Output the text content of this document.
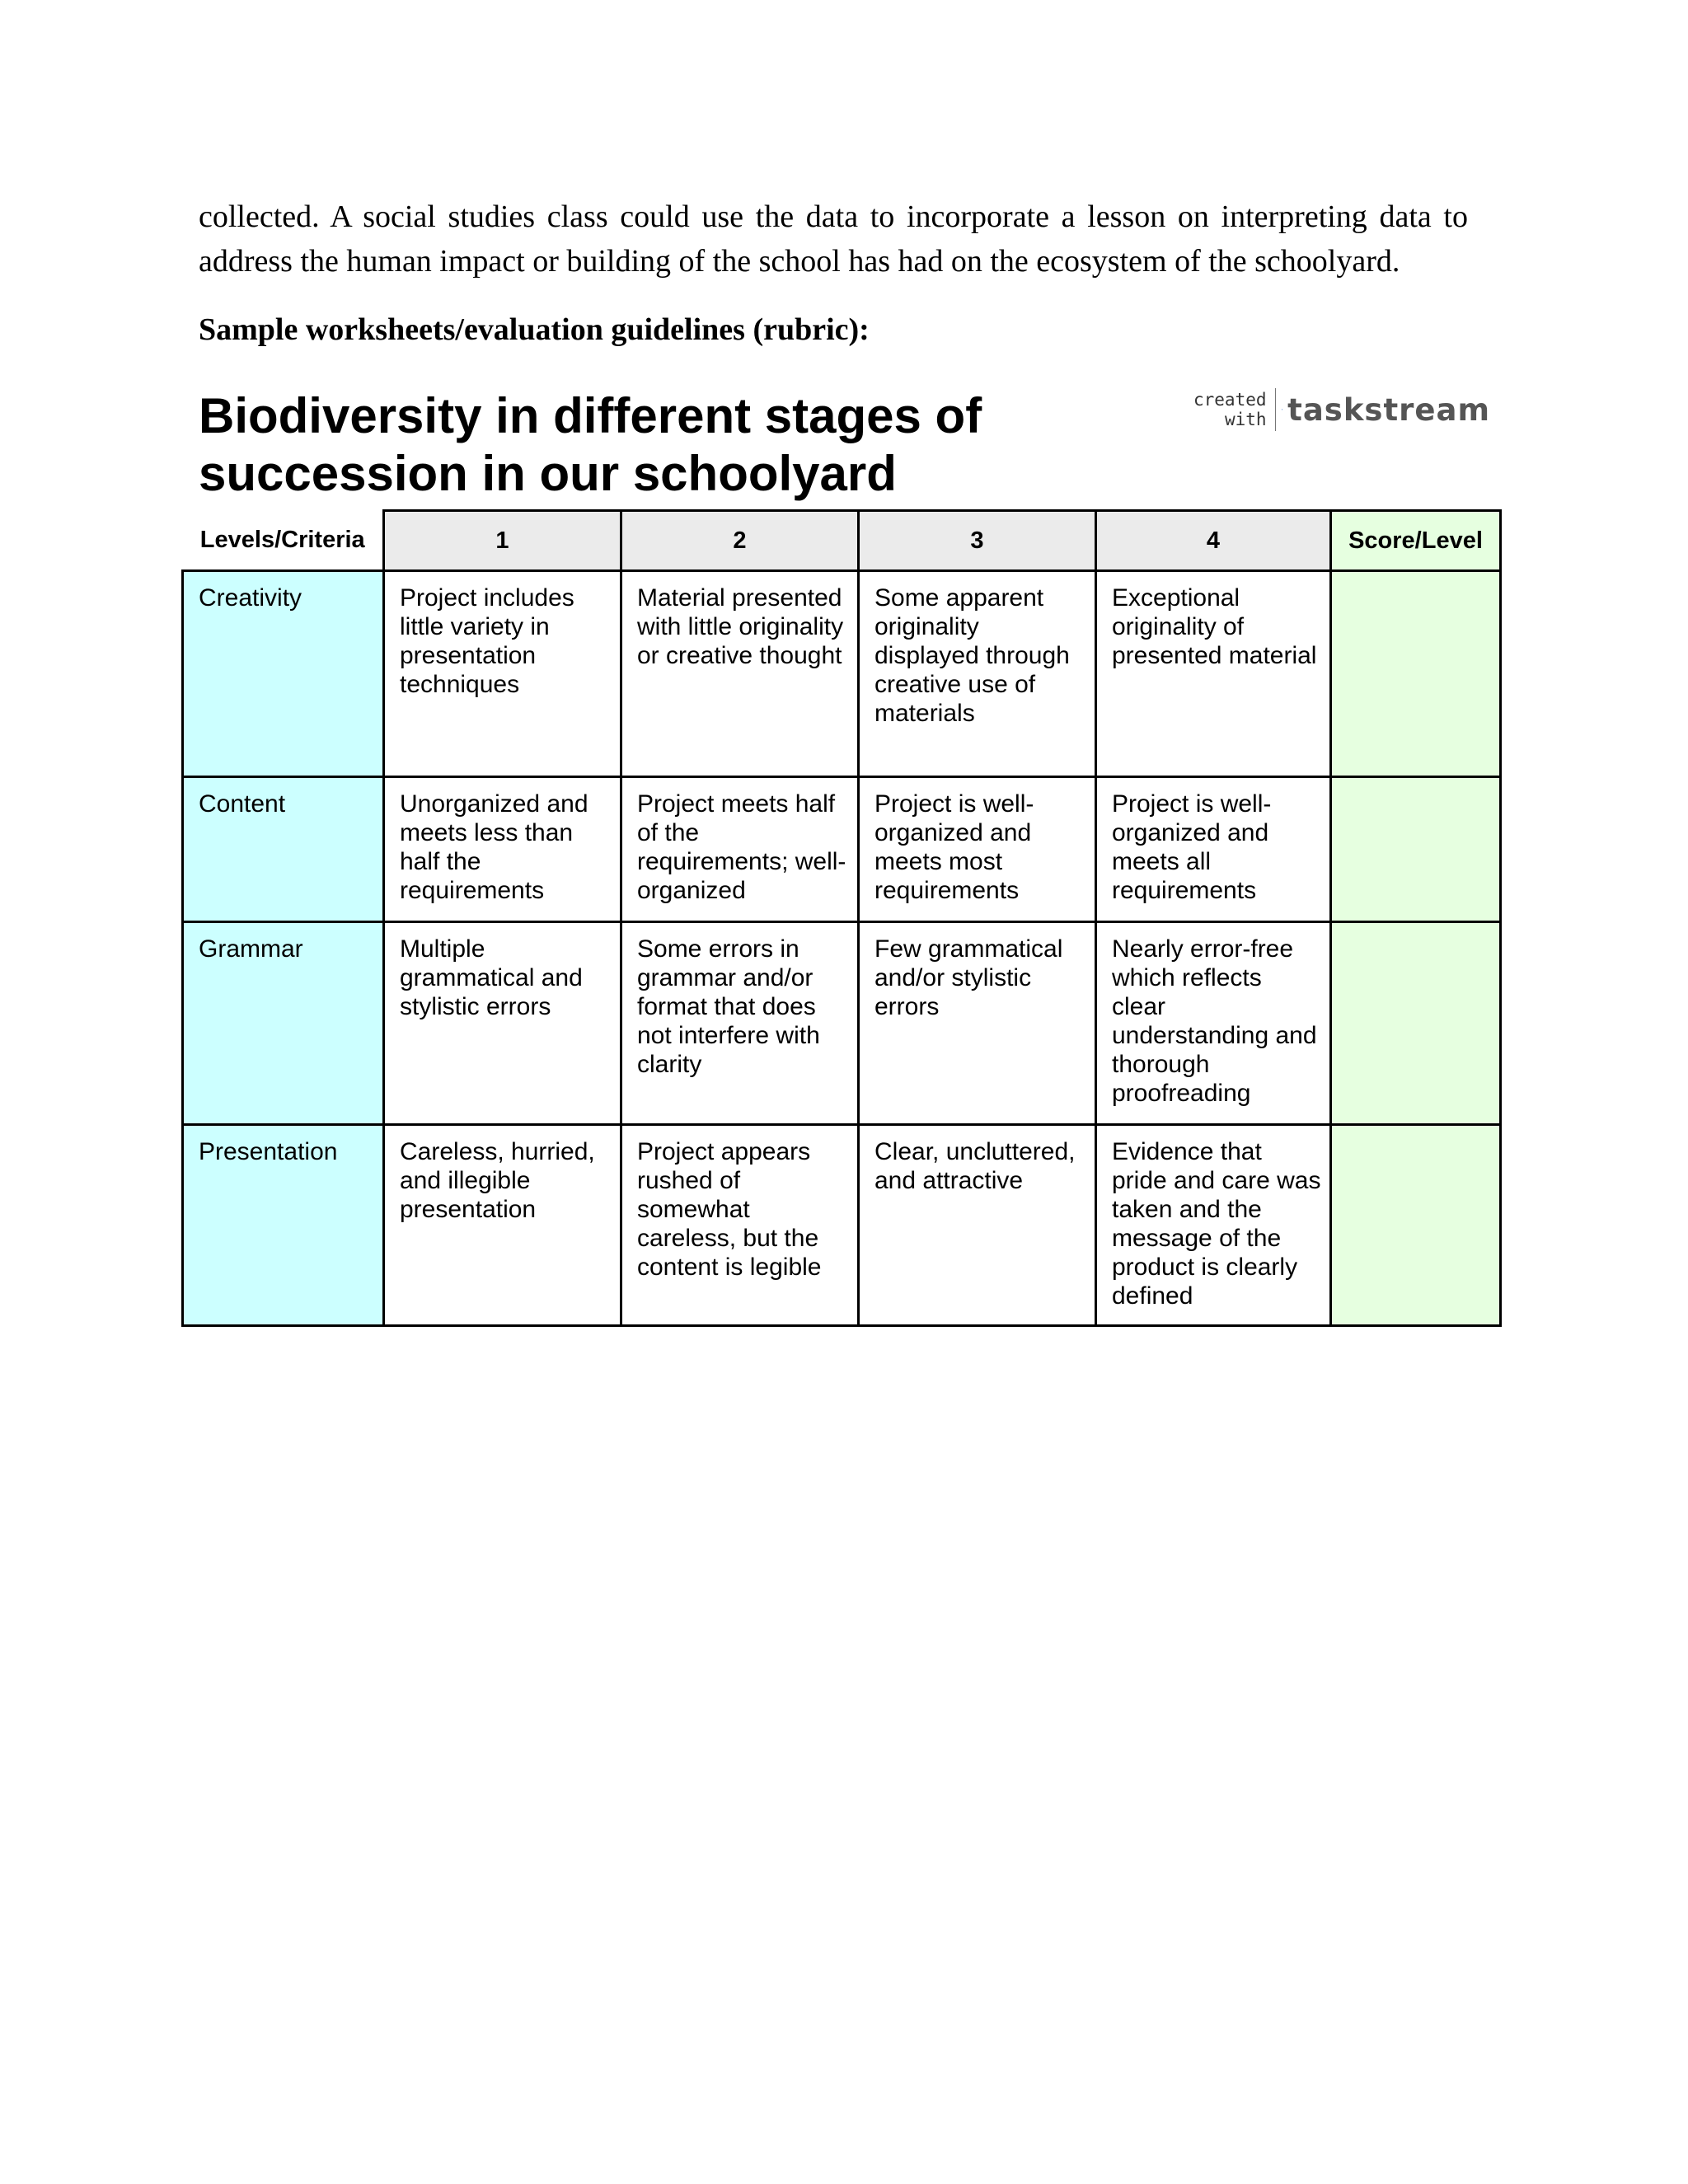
collected. A social studies class could use the data to incorporate a lesson on interpreting data to address the human impact or building of the school has had on the ecosystem of the schoolyard.

Sample worksheets/evaluation guidelines (rubric):
Biodiversity in different stages of succession in our schoolyard
created
with taskstream
Levels/Criteria	1	2	3	4	Score/Level
Creativity	Project includes little variety in presentation techniques	Material presented with little originality or creative thought	Some apparent originality displayed through creative use of materials	Exceptional originality of presented material	
Content	Unorganized and meets less than half the requirements	Project meets half of the requirements; well-organized	Project is well-organized and meets most requirements	Project is well-organized and meets all requirements	
Grammar	Multiple grammatical and stylistic errors	Some errors in grammar and/or format that does not interfere with clarity	Few grammatical and/or stylistic errors	Nearly error-free which reflects clear understanding and thorough proofreading	
Presentation	Careless, hurried, and illegible presentation	Project appears rushed of somewhat careless, but the content is legible	Clear, uncluttered, and attractive	Evidence that pride and care was taken and the message of the product is clearly defined	
